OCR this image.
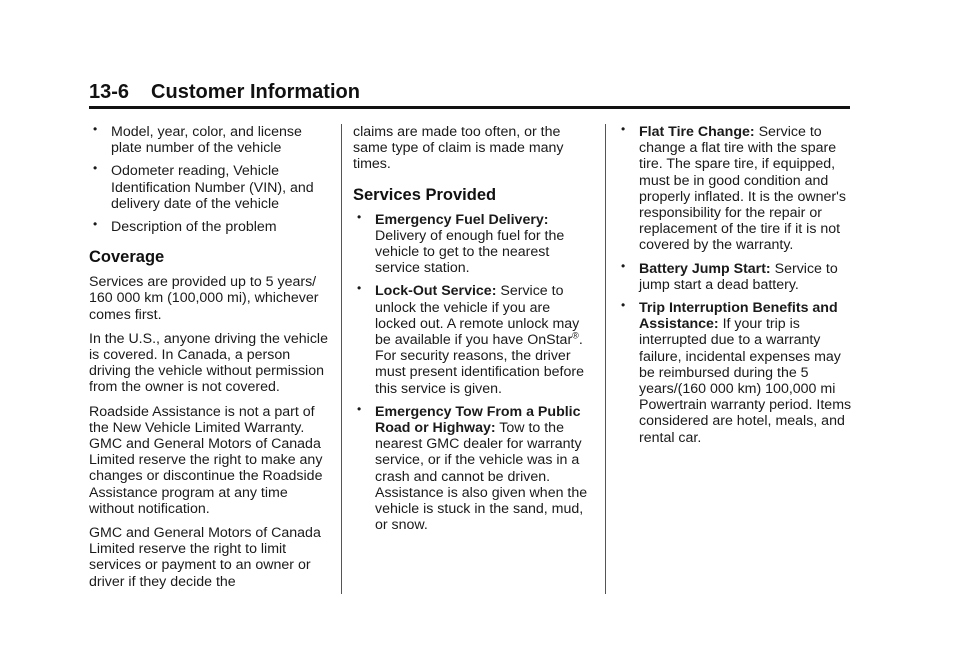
13-6 Customer Information
• Model, year, color, and license plate number of the vehicle
• Odometer reading, Vehicle Identification Number (VIN), and delivery date of the vehicle
• Description of the problem
Coverage

Services are provided up to 5 years/ 160 000 km (100,000 mi), whichever comes first.

In the U.S., anyone driving the vehicle is covered. In Canada, a person driving the vehicle without permission from the owner is not covered.

Roadside Assistance is not a part of the New Vehicle Limited Warranty. GMC and General Motors of Canada Limited reserve the right to make any changes or discontinue the Roadside Assistance program at any time without notification.

GMC and General Motors of Canada Limited reserve the right to limit services or payment to an owner or driver if they decide the

claims are made too often, or the same type of claim is made many times.

Services Provided
• Emergency Fuel Delivery: Delivery of enough fuel for the vehicle to get to the nearest service station.
• Lock-Out Service: Service to unlock the vehicle if you are locked out. A remote unlock may be available if you have OnStar®. For security reasons, the driver must present identification before this service is given.
• Emergency Tow From a Public Road or Highway: Tow to the nearest GMC dealer for warranty service, or if the vehicle was in a crash and cannot be driven. Assistance is also given when the vehicle is stuck in the sand, mud, or snow.
• Flat Tire Change: Service to change a flat tire with the spare tire. The spare tire, if equipped, must be in good condition and properly inflated. It is the owner's responsibility for the repair or replacement of the tire if it is not covered by the warranty.
• Battery Jump Start: Service to jump start a dead battery.
• Trip Interruption Benefits and Assistance: If your trip is interrupted due to a warranty failure, incidental expenses may be reimbursed during the 5 years/(160 000 km) 100,000 mi Powertrain warranty period. Items considered are hotel, meals, and rental car.
